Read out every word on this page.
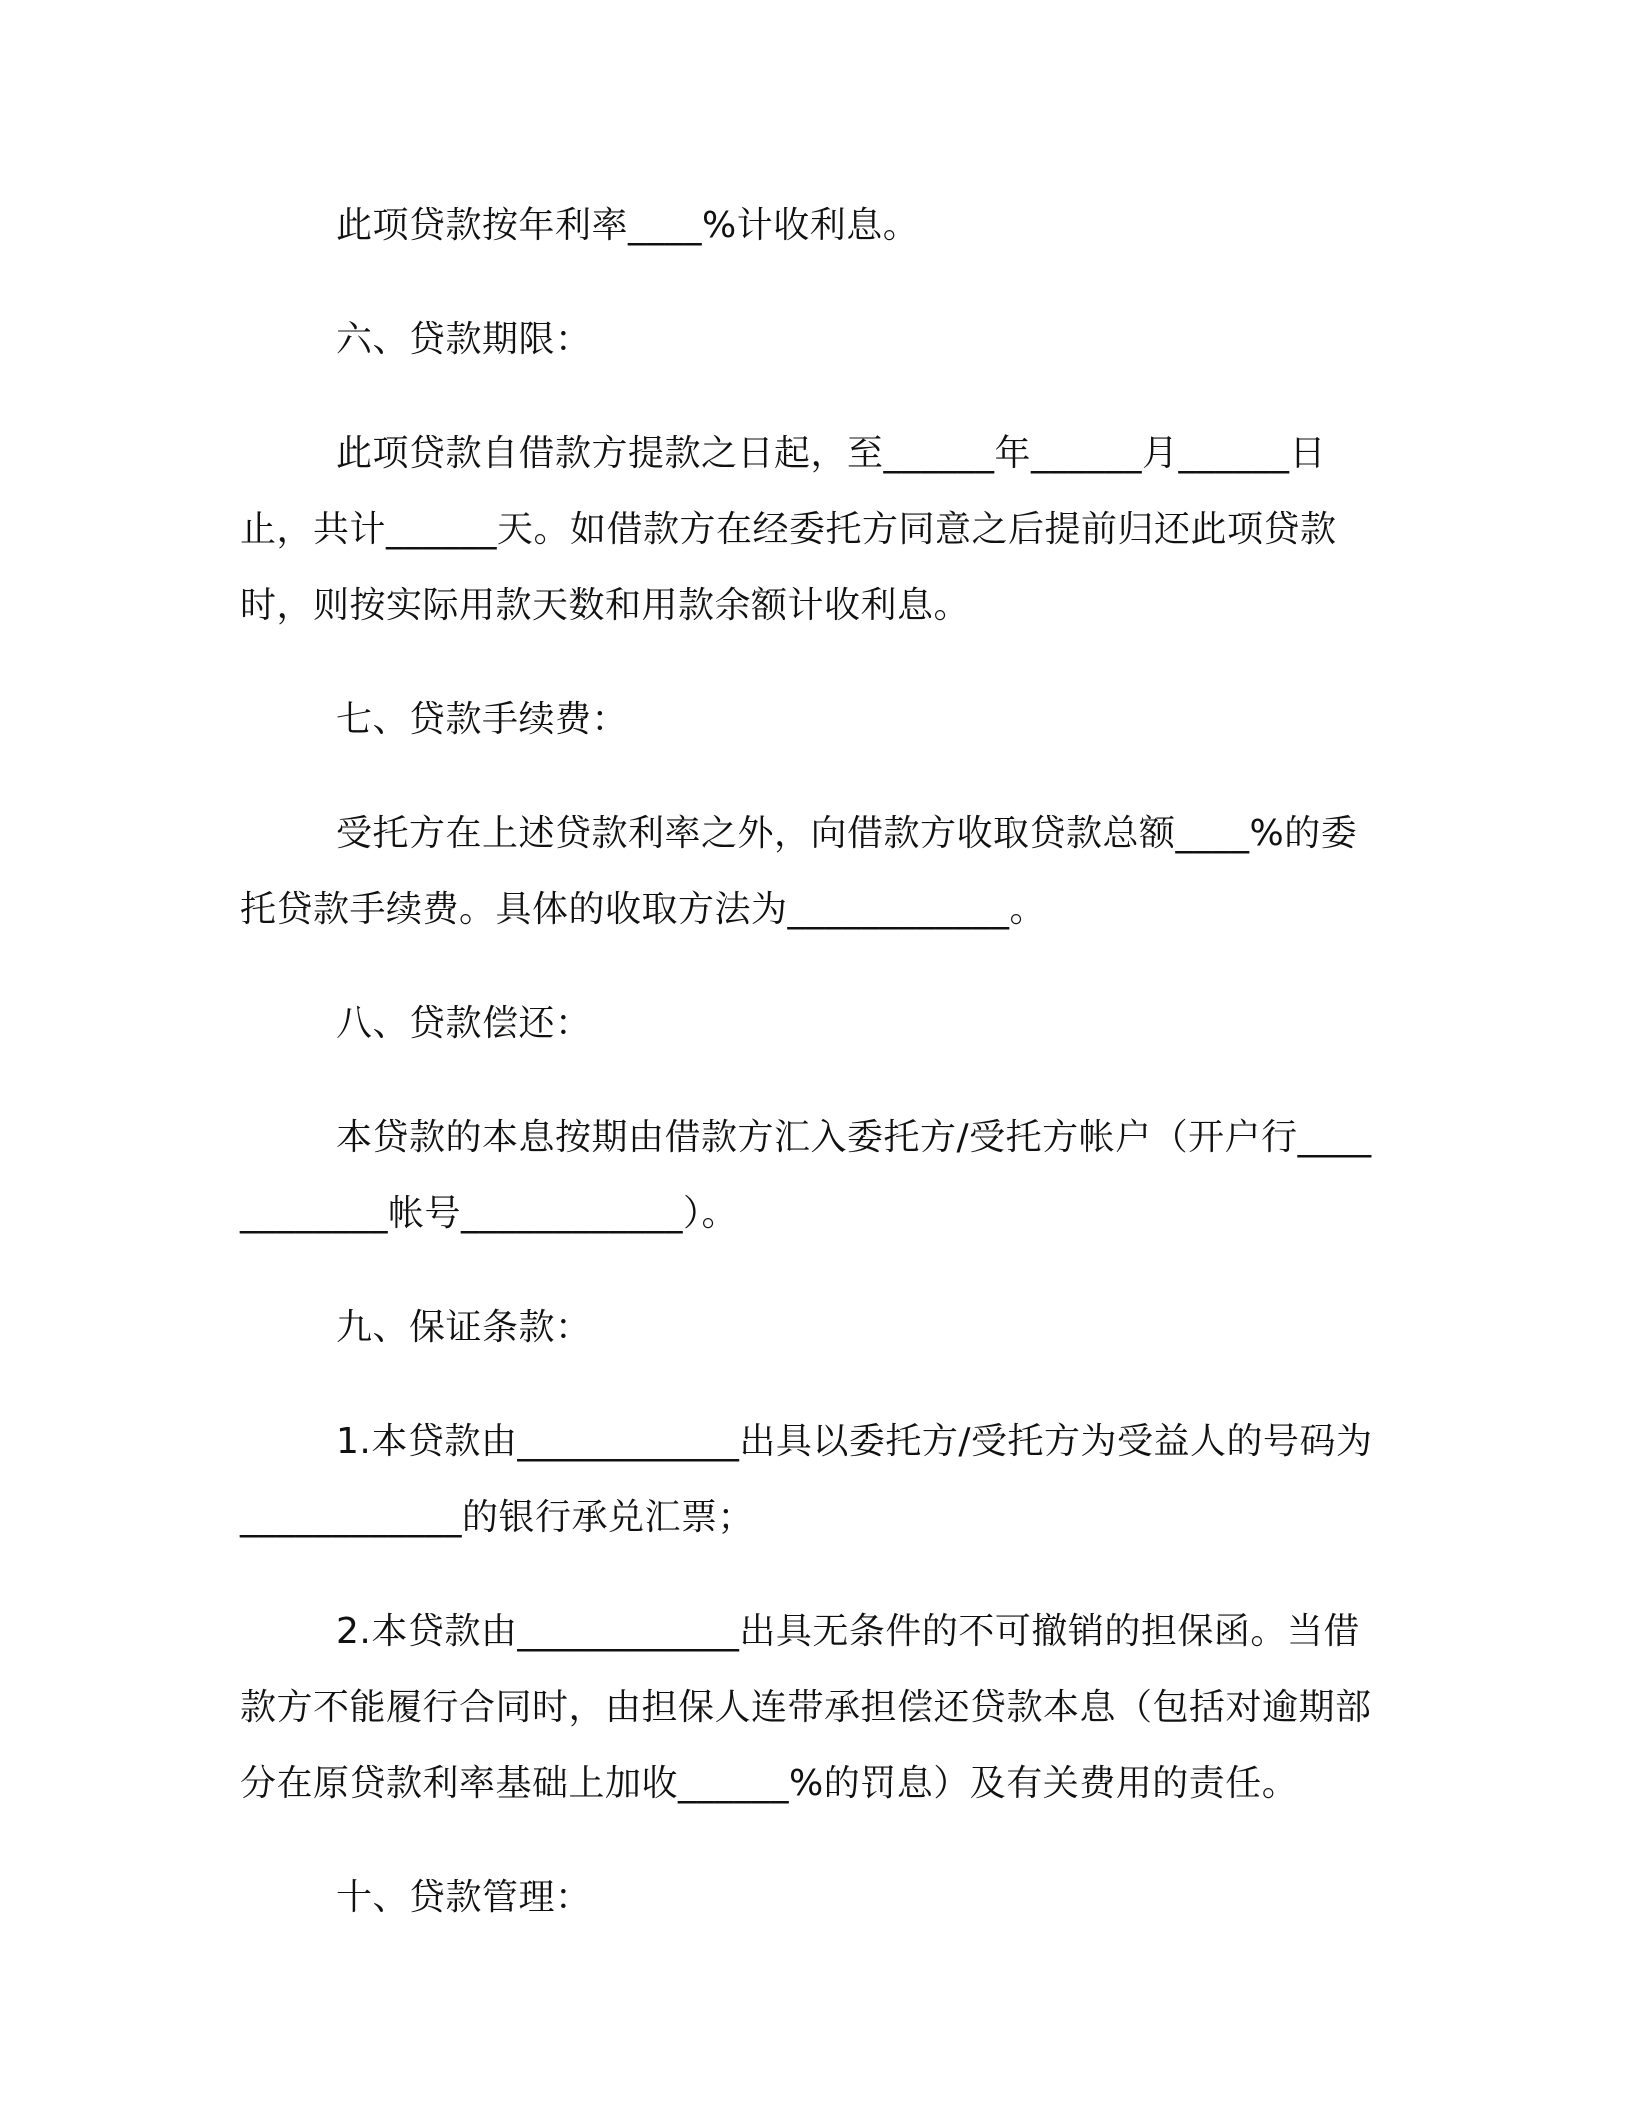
此项贷款按年利率____%计收利息。

六、贷款期限：

此项贷款自借款方提款之日起，至______年______月______日止，共计______天。如借款方在经委托方同意之后提前归还此项贷款时，则按实际用款天数和用款余额计收利息。

七、贷款手续费：

受托方在上述贷款利率之外，向借款方收取贷款总额____%的委托贷款手续费。具体的收取方法为____________。

八、贷款偿还：

本贷款的本息按期由借款方汇入委托方/受托方帐户（开户行____________帐号____________）。

九、保证条款：

1.本贷款由____________出具以委托方/受托方为受益人的号码为____________的银行承兑汇票；

2.本贷款由____________出具无条件的不可撤销的担保函。当借款方不能履行合同时，由担保人连带承担偿还贷款本息（包括对逾期部分在原贷款利率基础上加收______%的罚息）及有关费用的责任。

十、贷款管理：
